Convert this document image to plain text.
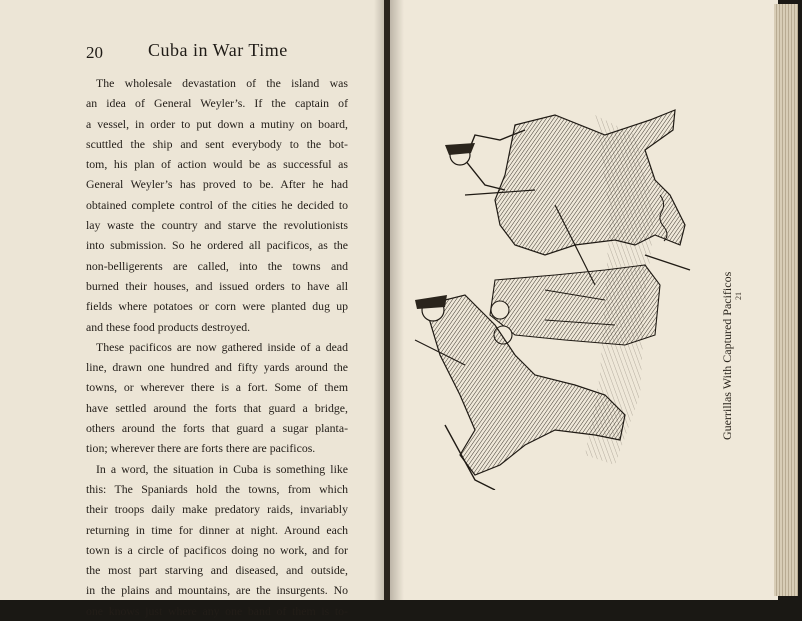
20	Cuba in War Time
The wholesale devastation of the island was
an idea of General Weyler’s. If the captain of
a vessel, in order to put down a mutiny on board,
scuttled the ship and sent everybody to the bot-
tom, his plan of action would be as successful as
General Weyler’s has proved to be. After he had
obtained complete control of the cities he decided to
lay waste the country and starve the revolutionists
into submission. So he ordered all pacificos, as the
non-belligerents are called, into the towns and
burned their houses, and issued orders to have all
fields where potatoes or corn were planted dug up
and these food products destroyed.
These pacificos are now gathered inside of a dead
line, drawn one hundred and fifty yards around the
towns, or wherever there is a fort. Some of them
have settled around the forts that guard a bridge,
others around the forts that guard a sugar planta-
tion; wherever there are forts there are pacificos.
In a word, the situation in Cuba is something like
this: The Spaniards hold the towns, from which
their troops daily make predatory raids, invariably
returning in time for dinner at night. Around each
town is a circle of pacificos doing no work, and for
the most part starving and diseased, and outside,
in the plains and mountains, are the insurgents. No
one knows just where any one band of them is to-
Guerrillas With Captured Pacificos 21
